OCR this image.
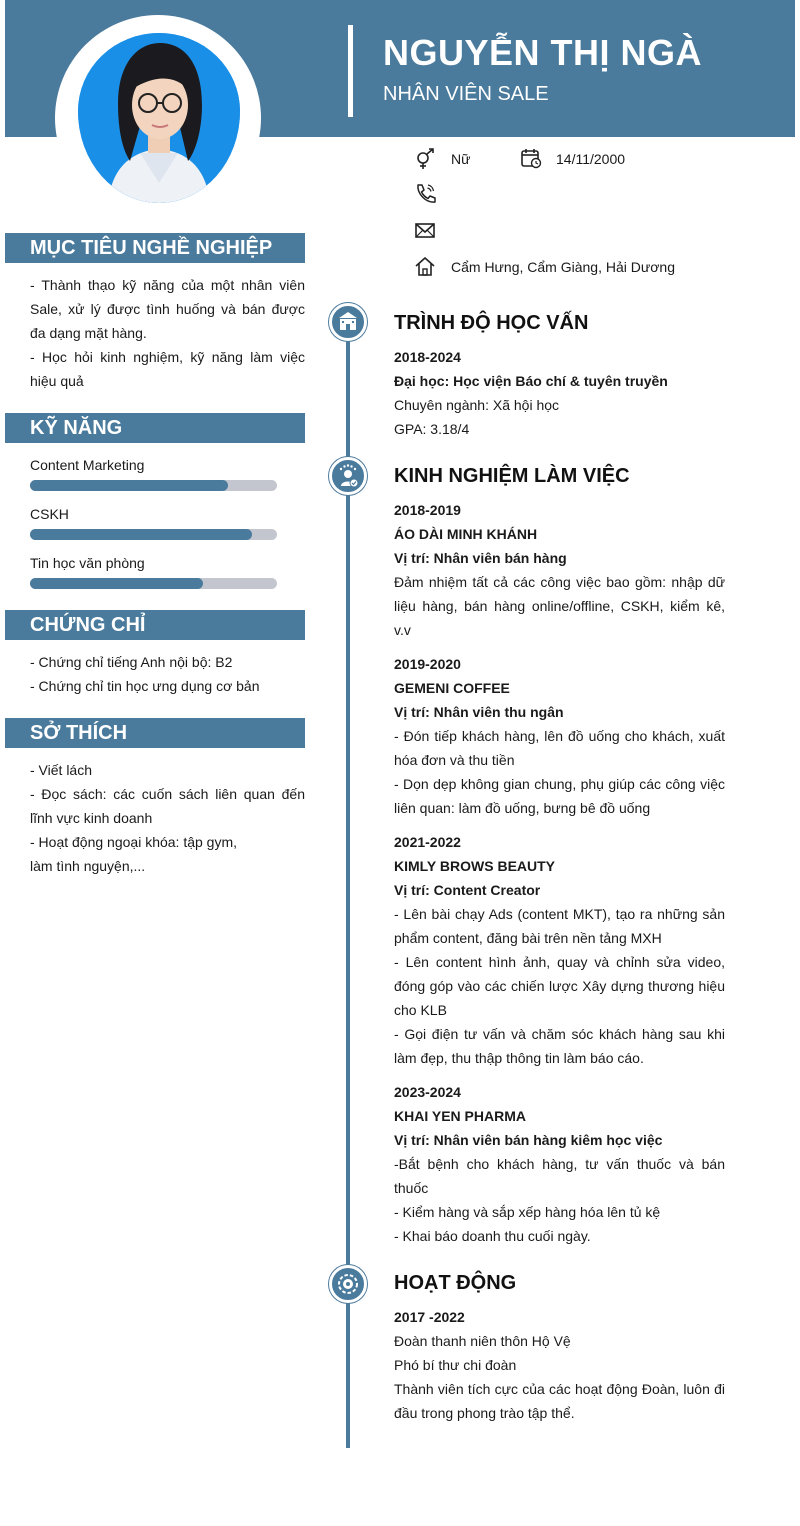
NGUYỄN THỊ NGÀ
NHÂN VIÊN SALE
Nữ	14/11/2000
Cẩm Hưng, Cẩm Giàng, Hải Dương
MỤC TIÊU NGHỀ NGHIỆP

- Thành thạo kỹ năng của một nhân viên Sale, xử lý được tình huống và bán được đa dạng mặt hàng.

- Học hỏi kinh nghiệm, kỹ năng làm việc hiệu quả

KỸ NĂNG
Content Marketing
CSKH
Tin học văn phòng
CHỨNG CHỈ

- Chứng chỉ tiếng Anh nội bộ: B2

- Chứng chỉ tin học ưng dụng cơ bản

SỞ THÍCH

- Viết lách

- Đọc sách: các cuốn sách liên quan đến lĩnh vực kinh doanh

- Hoạt động ngoại khóa: tập gym,

làm tình nguyện,...

TRÌNH ĐỘ HỌC VẤN

2018-2024

Đại học: Học viện Báo chí & tuyên truyền

Chuyên ngành: Xã hội học

GPA: 3.18/4

KINH NGHIỆM LÀM VIỆC

2018-2019

ÁO DÀI MINH KHÁNH

Vị trí: Nhân viên bán hàng

Đảm nhiệm tất cả các công việc bao gồm: nhập dữ liệu hàng, bán hàng online/offline, CSKH, kiểm kê, v.v

2019-2020

GEMENI COFFEE

Vị trí: Nhân viên thu ngân

- Đón tiếp khách hàng, lên đồ uống cho khách, xuất hóa đơn và thu tiền

- Dọn dẹp không gian chung, phụ giúp các công việc liên quan: làm đồ uống, bưng bê đồ uống

2021-2022

KIMLY BROWS BEAUTY

Vị trí: Content Creator

- Lên bài chạy Ads (content MKT), tạo ra những sản phẩm content, đăng bài trên nền tảng MXH

- Lên content hình ảnh, quay và chỉnh sửa video, đóng góp vào các chiến lược Xây dựng thương hiệu cho KLB

- Gọi điện tư vấn và chăm sóc khách hàng sau khi làm đẹp, thu thập thông tin làm báo cáo.

2023-2024

KHAI YEN PHARMA

Vị trí: Nhân viên bán hàng kiêm học việc

-Bắt bệnh cho khách hàng, tư vấn thuốc và bán thuốc

- Kiểm hàng và sắp xếp hàng hóa lên tủ kệ

- Khai báo doanh thu cuối ngày.

HOẠT ĐỘNG

2017 -2022

Đoàn thanh niên thôn Hộ Vệ

Phó bí thư chi đoàn

Thành viên tích cực của các hoạt động Đoàn, luôn đi đầu trong phong trào tập thể.
